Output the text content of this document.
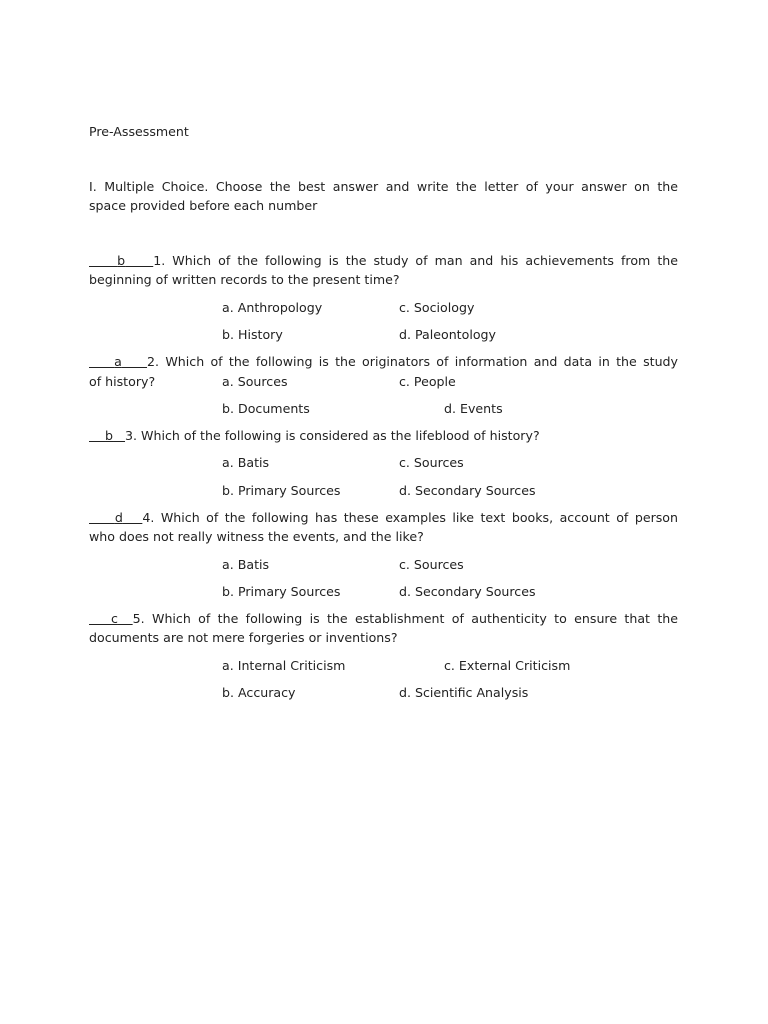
Pre-Assessment
I. Multiple Choice. Choose the best answer and write the letter of your answer on the
space provided before each number
b 1. Which of the following is the study of man and his achievements from the
beginning of written records to the present time?
a. Anthropology	c. Sociology
b. History	d. Paleontology
a 2. Which of the following is the originators of information and data in the study
of history?	a. Sources	c. People
b. Documents	d. Events
b 3. Which of the following is considered as the lifeblood of history?
a. Batis	c. Sources
b. Primary Sources	d. Secondary Sources
d 4. Which of the following has these examples like text books, account of person
who does not really witness the events, and the like?
a. Batis	c. Sources
b. Primary Sources	d. Secondary Sources
c 5. Which of the following is the establishment of authenticity to ensure that the
documents are not mere forgeries or inventions?
a. Internal Criticism	c. External Criticism
b. Accuracy	d. Scientific Analysis
